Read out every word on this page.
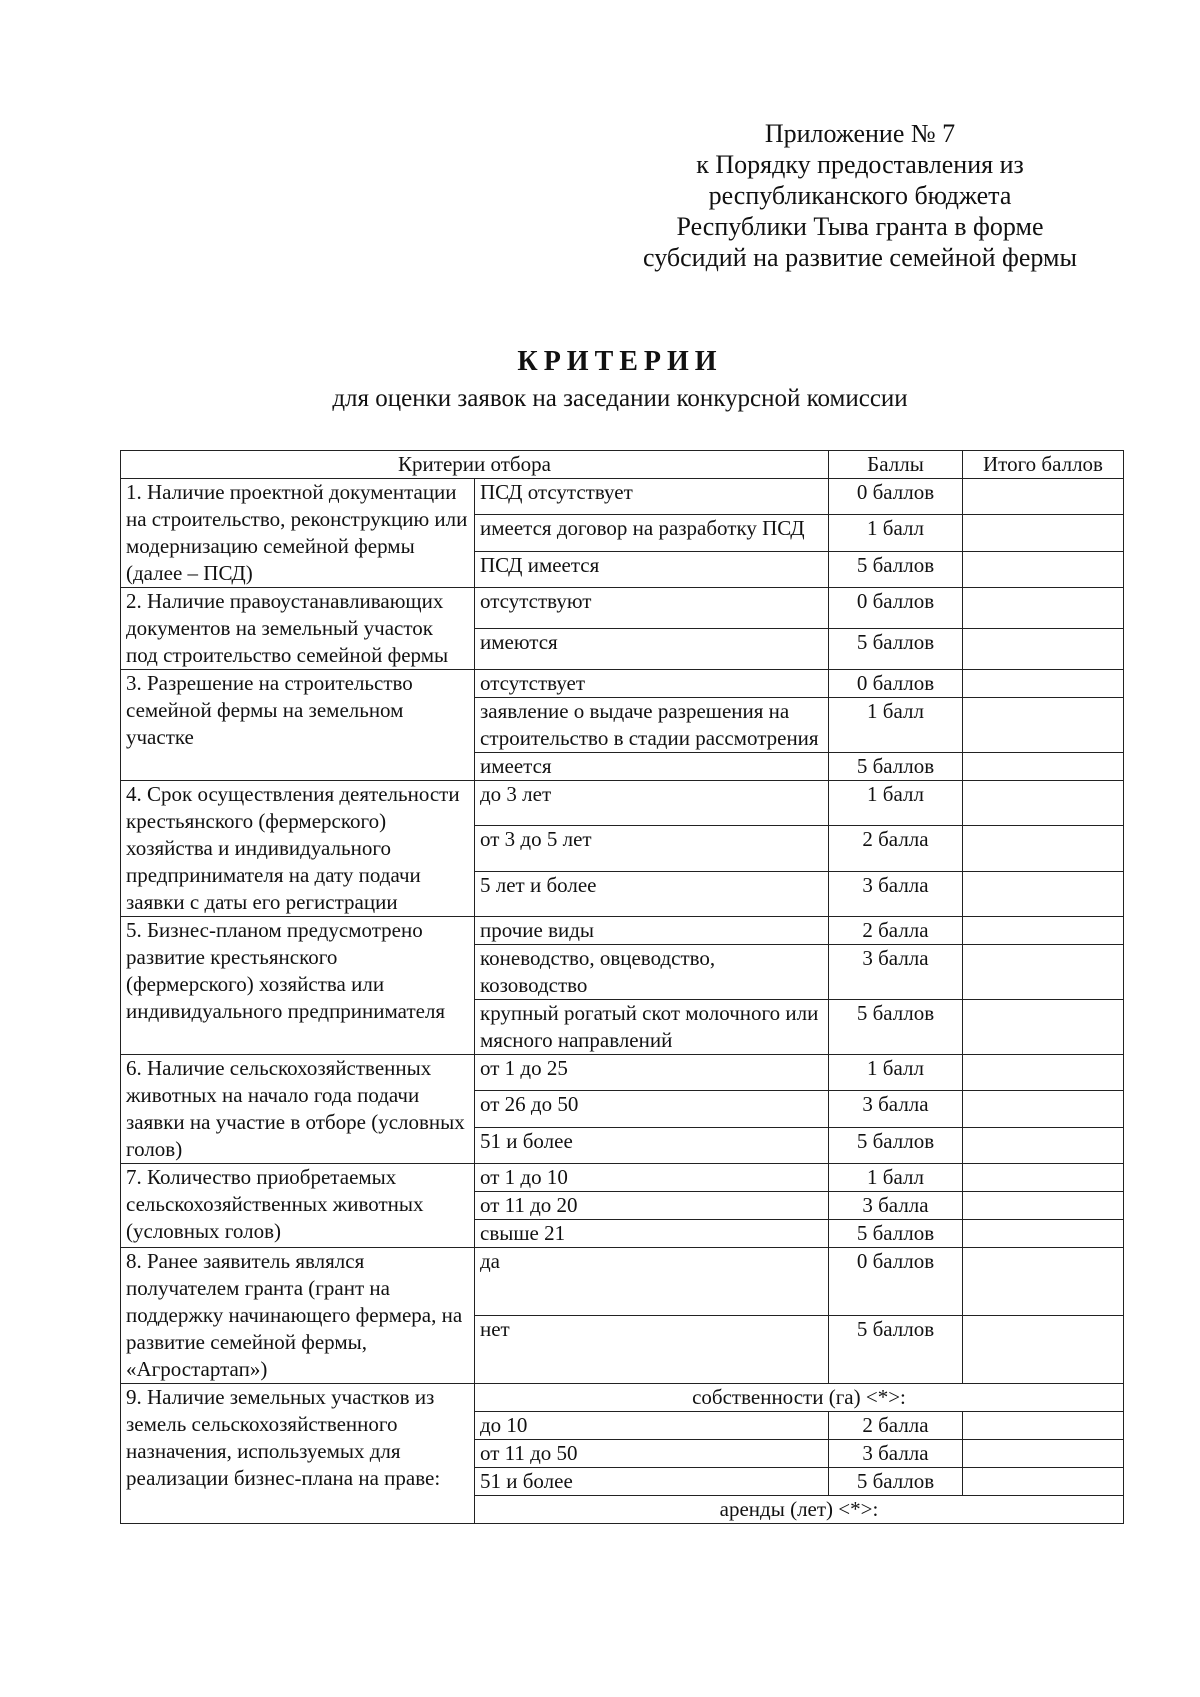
Приложение № 7
к Порядку предоставления из
республиканского бюджета
Республики Тыва гранта в форме
субсидий на развитие семейной фермы
КРИТЕРИИ
для оценки заявок на заседании конкурсной комиссии
Критерии отбора		Баллы	Итого баллов
1. Наличие проектной документации на строительство, реконструкцию или модернизацию семейной фермы (далее – ПСД)	ПСД отсутствует	0 баллов	
	имеется договор на разработку ПСД	1 балл	
	ПСД имеется	5 баллов	
2. Наличие правоустанавливающих документов на земельный участок под строительство семейной фермы	отсутствуют	0 баллов	
	имеются	5 баллов	
3. Разрешение на строительство семейной фермы на земельном участке	отсутствует	0 баллов	
	заявление о выдаче разрешения на строительство в стадии рассмотрения	1 балл	
	имеется	5 баллов	
4. Срок осуществления деятельности крестьянского (фермерского) хозяйства и индивидуального предпринимателя на дату подачи заявки с даты его регистрации	до 3 лет	1 балл	
	от 3 до 5 лет	2 балла	
	5 лет и более	3 балла	
5. Бизнес-планом предусмотрено развитие крестьянского (фермерского) хозяйства или индивидуального предпринимателя	прочие виды	2 балла	
	коневодство, овцеводство, козоводство	3 балла	
	крупный рогатый скот молочного или мясного направлений	5 баллов	
6. Наличие сельскохозяйственных животных на начало года подачи заявки на участие в отборе (условных голов)	от 1 до 25	1 балл	
	от 26 до 50	3 балла	
	51 и более	5 баллов	
7. Количество приобретаемых сельскохозяйственных животных (условных голов)	от 1 до 10	1 балл	
	от 11 до 20	3 балла	
	свыше 21	5 баллов	
8. Ранее заявитель являлся получателем гранта (грант на поддержку начинающего фермера, на развитие семейной фермы, «Агростартап»)	да	0 баллов	
	нет	5 баллов	
9. Наличие земельных участков из земель сельскохозяйственного назначения, используемых для реализации бизнес-плана на праве:	собственности (га) <*>:		
	до 10	2 балла	
	от 11 до 50	3 балла	
	51 и более	5 баллов	
	аренды (лет) <*>:		
